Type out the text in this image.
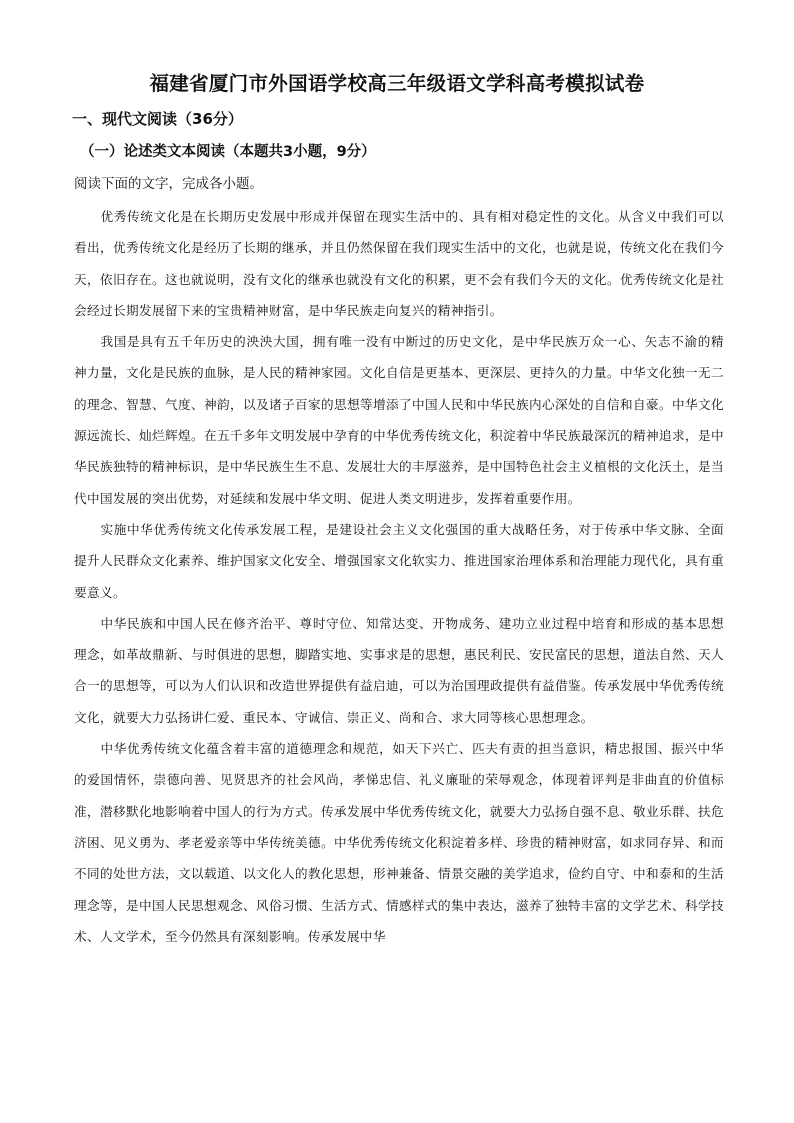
福建省厦门市外国语学校高三年级语文学科高考模拟试卷
一、现代文阅读（36分）
（一）论述类文本阅读（本题共3小题，9分）
阅读下面的文字，完成各小题。

优秀传统文化是在长期历史发展中形成并保留在现实生活中的、具有相对稳定性的文化。从含义中我们可以看出，优秀传统文化是经历了长期的继承，并且仍然保留在我们现实生活中的文化，也就是说，传统文化在我们今天，依旧存在。这也就说明，没有文化的继承也就没有文化的积累，更不会有我们今天的文化。优秀传统文化是社会经过长期发展留下来的宝贵精神财富，是中华民族走向复兴的精神指引。

我国是具有五千年历史的泱泱大国，拥有唯一没有中断过的历史文化，是中华民族万众一心、矢志不渝的精神力量，文化是民族的血脉，是人民的精神家园。文化自信是更基本、更深层、更持久的力量。中华文化独一无二的理念、智慧、气度、神韵，以及诸子百家的思想等增添了中国人民和中华民族内心深处的自信和自豪。中华文化源远流长、灿烂辉煌。在五千多年文明发展中孕育的中华优秀传统文化，积淀着中华民族最深沉的精神追求，是中华民族独特的精神标识，是中华民族生生不息、发展壮大的丰厚滋养，是中国特色社会主义植根的文化沃土，是当代中国发展的突出优势，对延续和发展中华文明、促进人类文明进步，发挥着重要作用。

实施中华优秀传统文化传承发展工程，是建设社会主义文化强国的重大战略任务，对于传承中华文脉、全面提升人民群众文化素养、维护国家文化安全、增强国家文化软实力、推进国家治理体系和治理能力现代化，具有重要意义。

中华民族和中国人民在修齐治平、尊时守位、知常达变、开物成务、建功立业过程中培育和形成的基本思想理念，如革故鼎新、与时俱进的思想，脚踏实地、实事求是的思想，惠民利民、安民富民的思想，道法自然、天人合一的思想等，可以为人们认识和改造世界提供有益启迪，可以为治国理政提供有益借鉴。传承发展中华优秀传统文化，就要大力弘扬讲仁爱、重民本、守诚信、崇正义、尚和合、求大同等核心思想理念。

中华优秀传统文化蕴含着丰富的道德理念和规范，如天下兴亡、匹夫有责的担当意识，精忠报国、振兴中华的爱国情怀，崇德向善、见贤思齐的社会风尚，孝悌忠信、礼义廉耻的荣辱观念，体现着评判是非曲直的价值标准，潜移默化地影响着中国人的行为方式。传承发展中华优秀传统文化，就要大力弘扬自强不息、敬业乐群、扶危济困、见义勇为、孝老爱亲等中华传统美德。中华优秀传统文化积淀着多样、珍贵的精神财富，如求同存异、和而不同的处世方法，文以载道、以文化人的教化思想，形神兼备、情景交融的美学追求，俭约自守、中和泰和的生活理念等，是中国人民思想观念、风俗习惯、生活方式、情感样式的集中表达，滋养了独特丰富的文学艺术、科学技术、人文学术，至今仍然具有深刻影响。传承发展中华
